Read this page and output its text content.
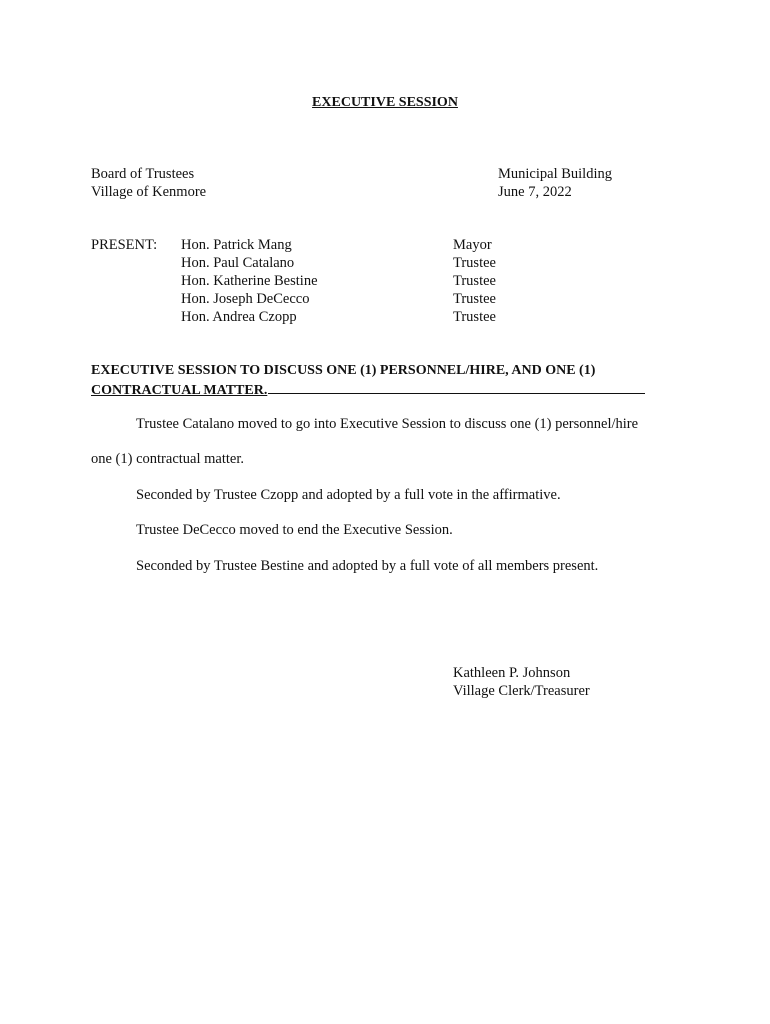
EXECUTIVE SESSION
Board of Trustees
Village of Kenmore
Municipal Building
June 7, 2022
PRESENT: Hon. Patrick Mang
Hon. Paul Catalano
Hon. Katherine Bestine
Hon. Joseph DeCecco
Hon. Andrea Czopp
Mayor
Trustee
Trustee
Trustee
Trustee
EXECUTIVE SESSION TO DISCUSS ONE (1) PERSONNEL/HIRE, AND ONE (1)
CONTRACTUAL MATTER.
Trustee Catalano moved to go into Executive Session to discuss one (1) personnel/hire
one (1) contractual matter.
Seconded by Trustee Czopp and adopted by a full vote in the affirmative.
Trustee DeCecco moved to end the Executive Session.
Seconded by Trustee Bestine and adopted by a full vote of all members present.
Kathleen P. Johnson
Village Clerk/Treasurer
